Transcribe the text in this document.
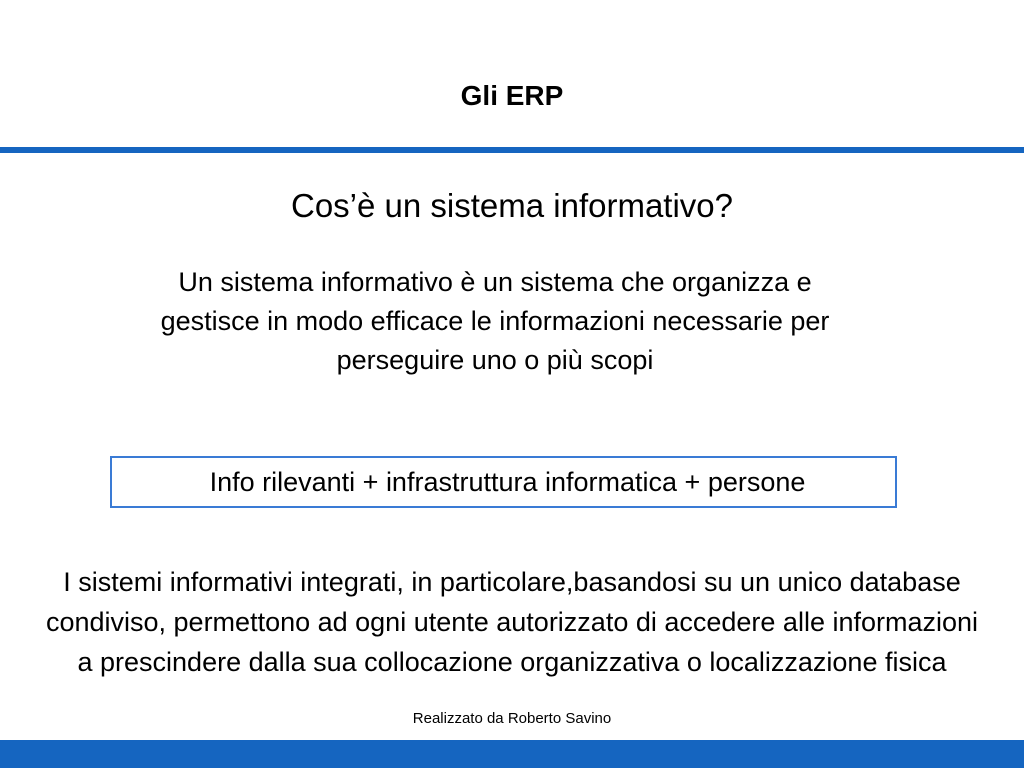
Gli ERP
Cos’è un sistema informativo?
Un sistema informativo è un sistema che organizza e gestisce in modo efficace le informazioni necessarie per perseguire uno o più scopi
Info rilevanti + infrastruttura informatica + persone
I sistemi informativi integrati, in particolare,basandosi su un unico database condiviso, permettono ad ogni utente autorizzato di accedere alle informazioni a prescindere dalla sua collocazione organizzativa o localizzazione fisica
Realizzato da Roberto Savino
